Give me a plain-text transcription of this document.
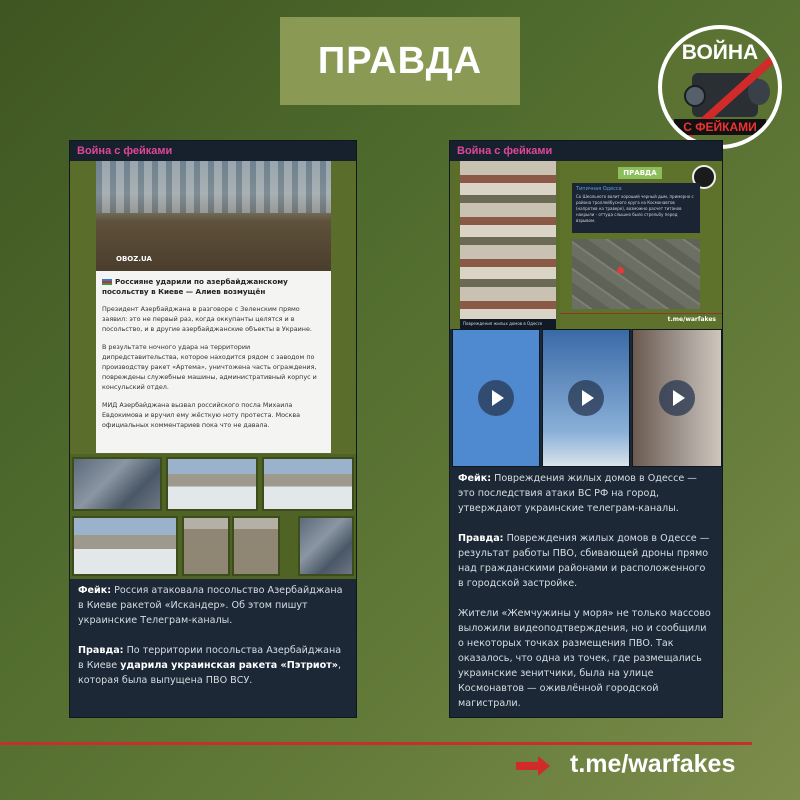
ПРАВДА	ВОЙНА
С ФЕЙКАМИ
Война с фейками
OBOZ.UA
Россияне ударили по азербайджанскому посольству в Киеве — Алиев возмущён

Президент Азербайджана в разговоре с Зеленским прямо заявил: это не первый раз, когда оккупанты целятся и в посольство, и в другие азербайджанские объекты в Украине.

В результате ночного удара на территории дипредставительства, которое находится рядом с заводом по производству ракет «Артема», уничтожена часть ограждения, повреждены служебные машины, административный корпус и консульский отдел.

МИД Азербайджана вызвал российского посла Михаила Евдокимова и вручил ему жёсткую ноту протеста. Москва официальных комментариев пока что не давала.

Фейк: Россия атаковала посольство Азербайджана в Киеве ракетой «Искандер». Об этом пишут украинские Телеграм-каналы.

Правда: По территории посольства Азербайджана в Киеве ударила украинская ракета «Пэтриот», которая была выпущена ПВО ВСУ.

Война с фейками
Повреждения жилых домов в Одессе
ПРАВДА
Типичная Одесса
Со Школьного валит хороший черный дым, примерно с района троллейбусного круга на Космонавтов (напротив на травере), возможно расчет титанов накрыли - оттуда слышно было стрельбу перед взрывом.
t.me/warfakes

Фейк: Повреждения жилых домов в Одессе — это последствия атаки ВС РФ на город, утверждают украинские телеграм-каналы.

Правда: Повреждения жилых домов в Одессе — результат работы ПВО, сбивающей дроны прямо над гражданскими районами и расположенного в городской застройке.

Жители «Жемчужины у моря» не только массово выложили видеоподтверждения, но и сообщили о некоторых точках размещения ПВО. Так оказалось, что одна из точек, где размещались украинские зенитчики, была на улице Космонавтов — оживлённой городской магистрали.

t.me/warfakes
